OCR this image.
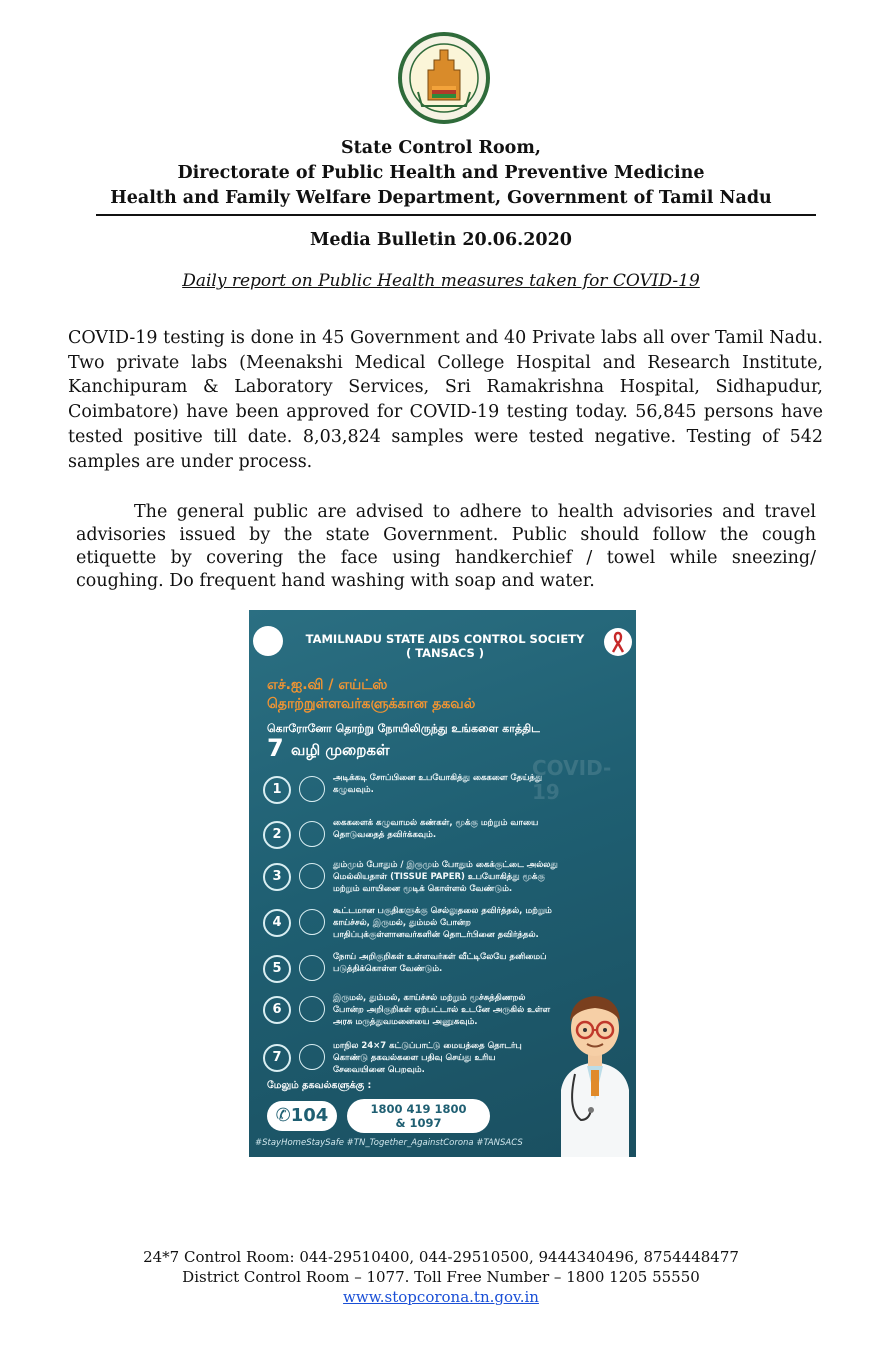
State Control Room,
Directorate of Public Health and Preventive Medicine
Health and Family Welfare Department, Government of Tamil Nadu
Media Bulletin 20.06.2020
Daily report on Public Health measures taken for COVID-19
COVID-19 testing is done in 45 Government and 40 Private labs all over Tamil Nadu. Two private labs (Meenakshi Medical College Hospital and Research Institute, Kanchipuram & Laboratory Services, Sri Ramakrishna Hospital, Sidhapudur, Coimbatore) have been approved for COVID-19 testing today. 56,845 persons have tested positive till date. 8,03,824 samples were tested negative. Testing of 542 samples are under process.
The general public are advised to adhere to health advisories and travel advisories issued by the state Government. Public should follow the cough etiquette by covering the face using handkerchief / towel while sneezing/ coughing. Do frequent hand washing with soap and water.
TAMILNADU STATE AIDS CONTROL SOCIETY
( TANSACS )
எச்.ஐ.வி / எய்ட்ஸ்
தொற்றுள்ளவர்களுக்கான தகவல்
கொரோனோ தொற்று நோயிலிருந்து உங்களை காத்திட
7 வழி முறைகள்
COVID-19
1
அடிக்கடி சோப்பினை உபயோகித்து கைகளை தேய்த்து கழுவவும்.
2
கைகளைக் கழுவாமல் கண்கள், மூக்கு மற்றும் வாயை தொடுவதைத் தவிர்க்கவும்.
3
தும்மும் போதும் / இருமும் போதும் கைக்குட்டை அல்லது மெல்லியதாள் (TISSUE PAPER) உபயோகித்து மூக்கு மற்றும் வாயினை மூடிக் கொள்ளல் வேண்டும்.
4
கூட்டமான பகுதிகளுக்கு செல்லுதலை தவிர்த்தல், மற்றும் காய்ச்சல், இருமல், தும்மல் போன்ற பாதிப்புக்குள்ளானவர்களின் தொடர்பினை தவிர்த்தல்.
5
நோய் அறிகுறிகள் உள்ளவர்கள் வீட்டிலேயே தனிமைப் படுத்திக்கொள்ள வேண்டும்.
6
இருமல், தும்மல், காய்ச்சல் மற்றும் மூச்சுத்திணறல் போன்ற அறிகுறிகள் ஏற்பட்டால் உடனே அருகில் உள்ள அரசு மருத்துவமனையை அணுகவும்.
7
மாநில 24×7 கட்டுப்பாட்டு மையத்தை தொடர்பு கொண்டு தகவல்களை பதிவு செய்து உரிய சேவையினை பெறவும்.
மேலும் தகவல்களுக்கு :
✆104	1800 419 1800
& 1097
#StayHomeStaySafe #TN_Together_AgainstCorona #TANSACS
24*7 Control Room: 044-29510400, 044-29510500, 9444340496, 8754448477
District Control Room – 1077. Toll Free Number – 1800 1205 55550
www.stopcorona.tn.gov.in
